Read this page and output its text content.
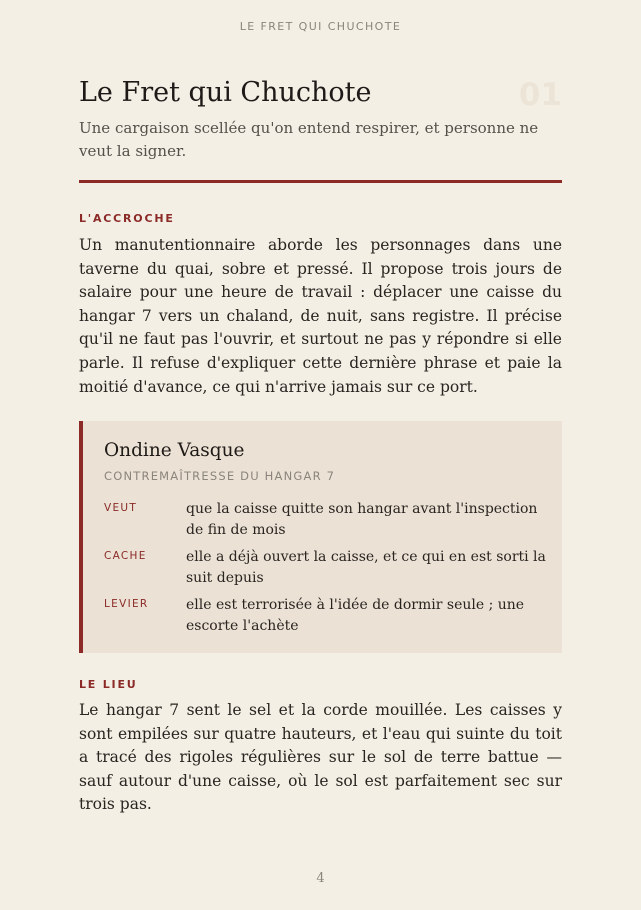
LE FRET QUI CHUCHOTE
Le Fret qui Chuchote	01

Une cargaison scellée qu'on entend respirer, et personne ne veut la signer.

L'ACCROCHE

Un manutentionnaire aborde les personnages dans une taverne du quai, sobre et pressé. Il propose trois jours de salaire pour une heure de travail : déplacer une caisse du hangar 7 vers un chaland, de nuit, sans registre. Il précise qu'il ne faut pas l'ouvrir, et surtout ne pas y répondre si elle parle. Il refuse d'expliquer cette dernière phrase et paie la moitié d'avance, ce qui n'arrive jamais sur ce port.

Ondine Vasque
CONTREMAÎTRESSE DU HANGAR 7
VEUT	que la caisse quitte son hangar avant l'inspection de fin de mois
CACHE	elle a déjà ouvert la caisse, et ce qui en est sorti la suit depuis
LEVIER	elle est terrorisée à l'idée de dormir seule ; une escorte l'achète
LE LIEU

Le hangar 7 sent le sel et la corde mouillée. Les caisses y sont empilées sur quatre hauteurs, et l'eau qui suinte du toit a tracé des rigoles régulières sur le sol de terre battue — sauf autour d'une caisse, où le sol est parfaitement sec sur trois pas.

4
